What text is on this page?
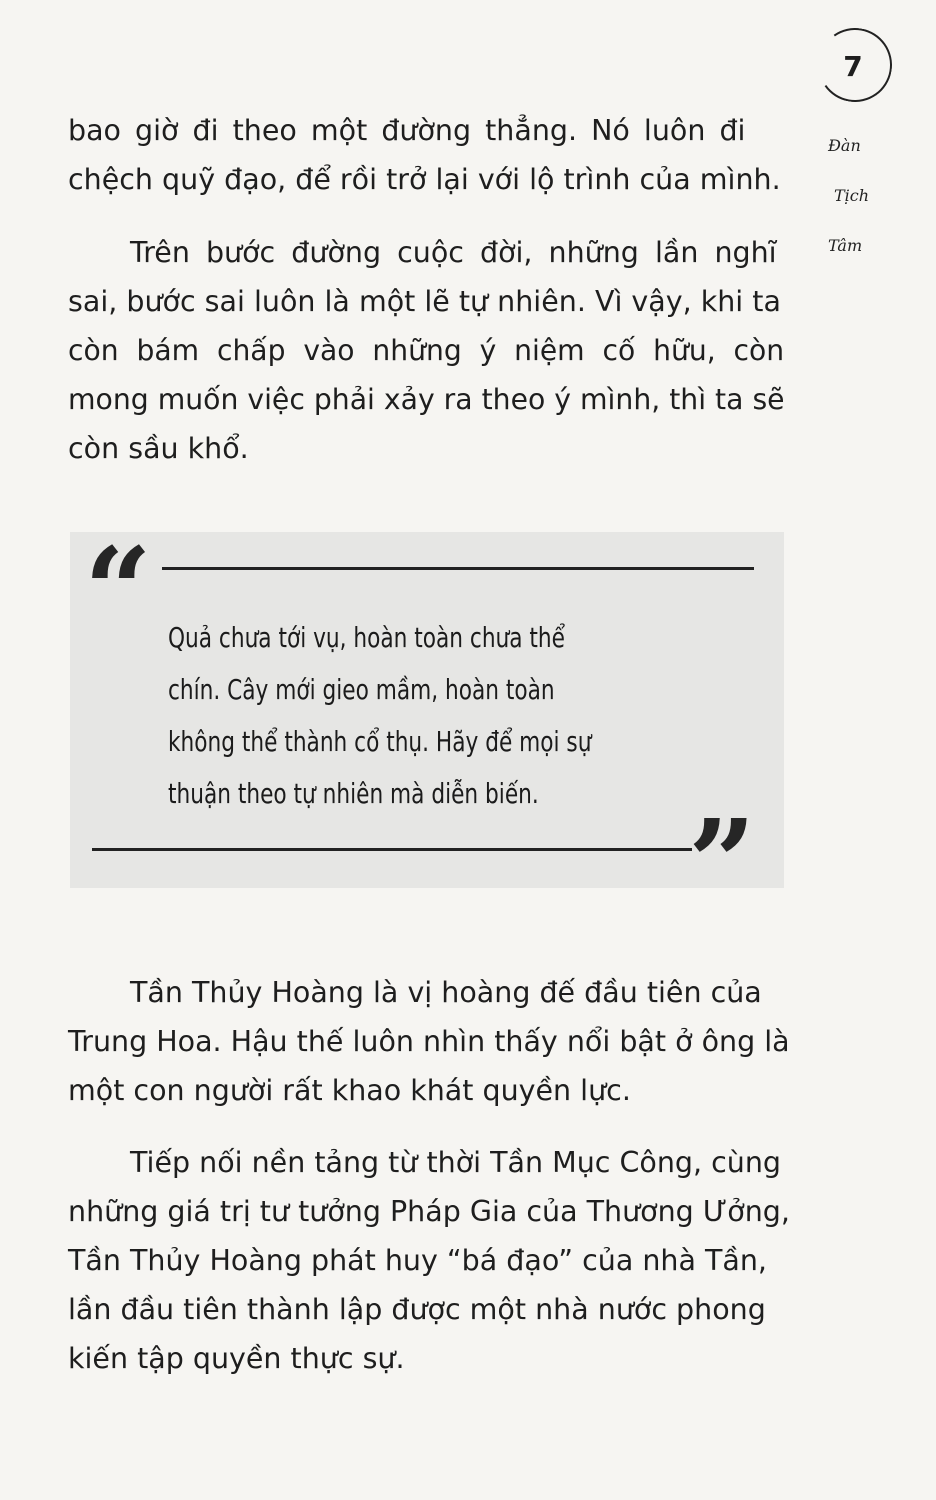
7
Đàn
Tịch
Tâm

bao giờ đi theo một đường thẳng. Nó luôn đi
chệch quỹ đạo, để rồi trở lại với lộ trình của mình.

Trên bước đường cuộc đời, những lần nghĩ
sai, bước sai luôn là một lẽ tự nhiên. Vì vậy, khi ta
còn bám chấp vào những ý niệm cố hữu, còn
mong muốn việc phải xảy ra theo ý mình, thì ta sẽ
còn sầu khổ.

“ Quả chưa tới vụ, hoàn toàn chưa thể
chín. Cây mới gieo mầm, hoàn toàn
không thể thành cổ thụ. Hãy để mọi sự
thuận theo tự nhiên mà diễn biến.	”

Tần Thủy Hoàng là vị hoàng đế đầu tiên của
Trung Hoa. Hậu thế luôn nhìn thấy nổi bật ở ông là
một con người rất khao khát quyền lực.

Tiếp nối nền tảng từ thời Tần Mục Công, cùng
những giá trị tư tưởng Pháp Gia của Thương Ưởng,
Tần Thủy Hoàng phát huy “bá đạo” của nhà Tần,
lần đầu tiên thành lập được một nhà nước phong
kiến tập quyền thực sự.
